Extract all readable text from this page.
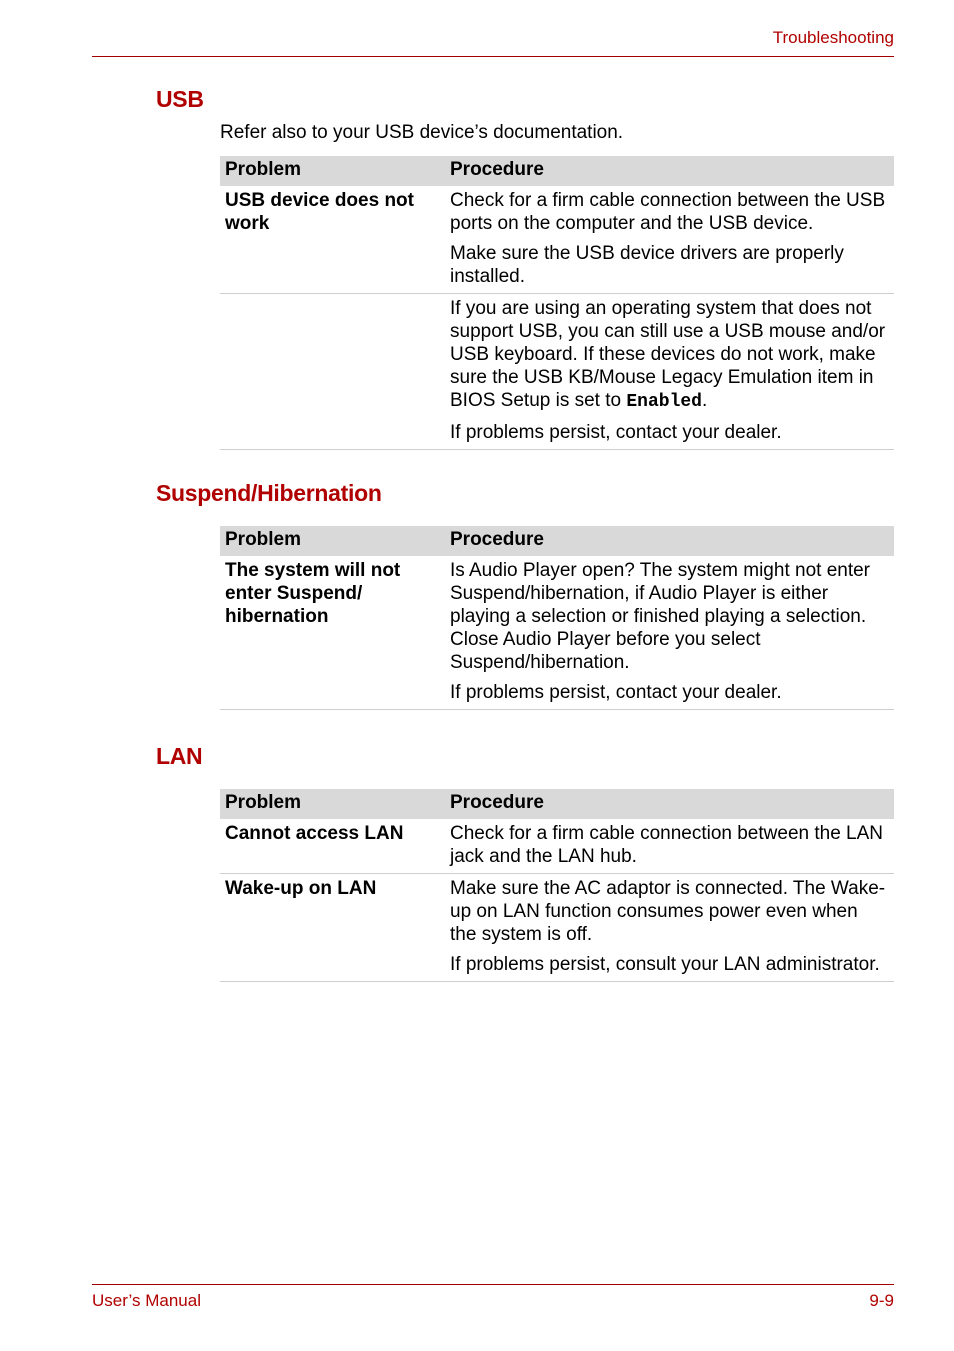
Troubleshooting
USB
Refer also to your USB device’s documentation.
Problem	Procedure
USB device does not work	Check for a firm cable connection between the USB ports on the computer and the USB device.

Make sure the USB device drivers are properly installed.

	If you are using an operating system that does not support USB, you can still use a USB mouse and/or USB keyboard. If these devices do not work, make sure the USB KB/Mouse Legacy Emulation item in BIOS Setup is set to Enabled.

If problems persist, contact your dealer.

Suspend/Hibernation
Problem	Procedure
The system will not enter Suspend/ hibernation	Is Audio Player open? The system might not enter Suspend/hibernation, if Audio Player is either playing a selection or finished playing a selection. Close Audio Player before you select Suspend/hibernation.

If problems persist, contact your dealer.

LAN
Problem	Procedure
Cannot access LAN	Check for a firm cable connection between the LAN jack and the LAN hub.

Wake-up on LAN	Make sure the AC adaptor is connected. The Wake-up on LAN function consumes power even when the system is off.

If problems persist, consult your LAN administrator.

User’s Manual	9-9
